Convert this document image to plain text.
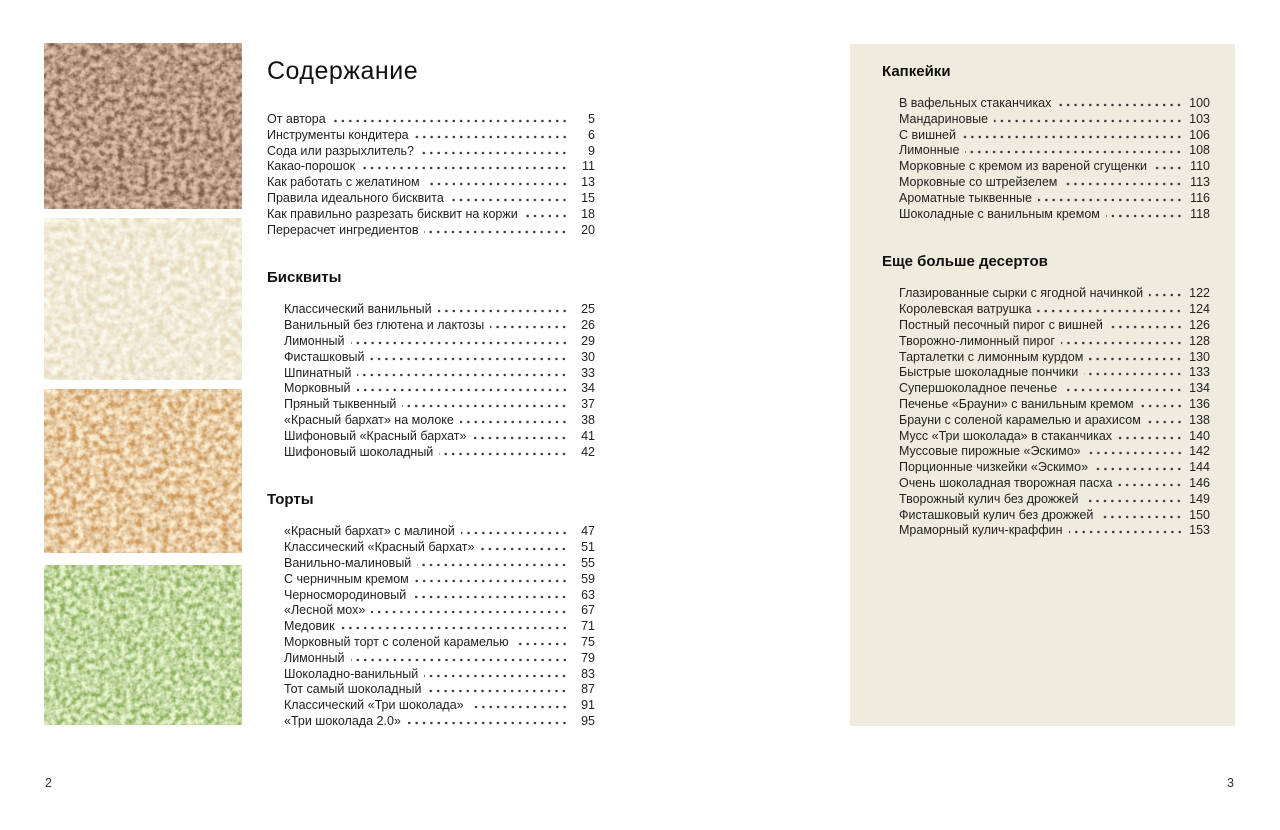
Содержание
От автора	5
Инструменты кондитера	6
Сода или разрыхлитель?	9
Какао-порошок	11
Как работать с желатином	13
Правила идеального бисквита	15
Как правильно разрезать бисквит на коржи	18
Перерасчет ингредиентов	20
Бисквиты
Классический ванильный	25
Ванильный без глютена и лактозы	26
Лимонный	29
Фисташковый	30
Шпинатный	33
Морковный	34
Пряный тыквенный	37
«Красный бархат» на молоке	38
Шифоновый «Красный бархат»	41
Шифоновый шоколадный	42
Торты
«Красный бархат» с малиной	47
Классический «Красный бархат»	51
Ванильно-малиновый	55
С черничным кремом	59
Черносмородиновый	63
«Лесной мох»	67
Медовик	71
Морковный торт с соленой карамелью	75
Лимонный	79
Шоколадно-ванильный	83
Тот самый шоколадный	87
Классический «Три шоколада»	91
«Три шоколада 2.0»	95
Капкейки
В вафельных стаканчиках	100
Мандариновые	103
С вишней	106
Лимонные	108
Морковные с кремом из вареной сгущенки	110
Морковные со штрейзелем	113
Ароматные тыквенные	116
Шоколадные с ванильным кремом	118
Еще больше десертов
Глазированные сырки с ягодной начинкой	122
Королевская ватрушка	124
Постный песочный пирог с вишней	126
Творожно-лимонный пирог	128
Тарталетки с лимонным курдом	130
Быстрые шоколадные пончики	133
Супершоколадное печенье	134
Печенье «Брауни» с ванильным кремом	136
Брауни с соленой карамелью и арахисом	138
Мусс «Три шоколада» в стаканчиках	140
Муссовые пирожные «Эскимо»	142
Порционные чизкейки «Эскимо»	144
Очень шоколадная творожная пасха	146
Творожный кулич без дрожжей	149
Фисташковый кулич без дрожжей	150
Мраморный кулич-краффин	153
2	3
